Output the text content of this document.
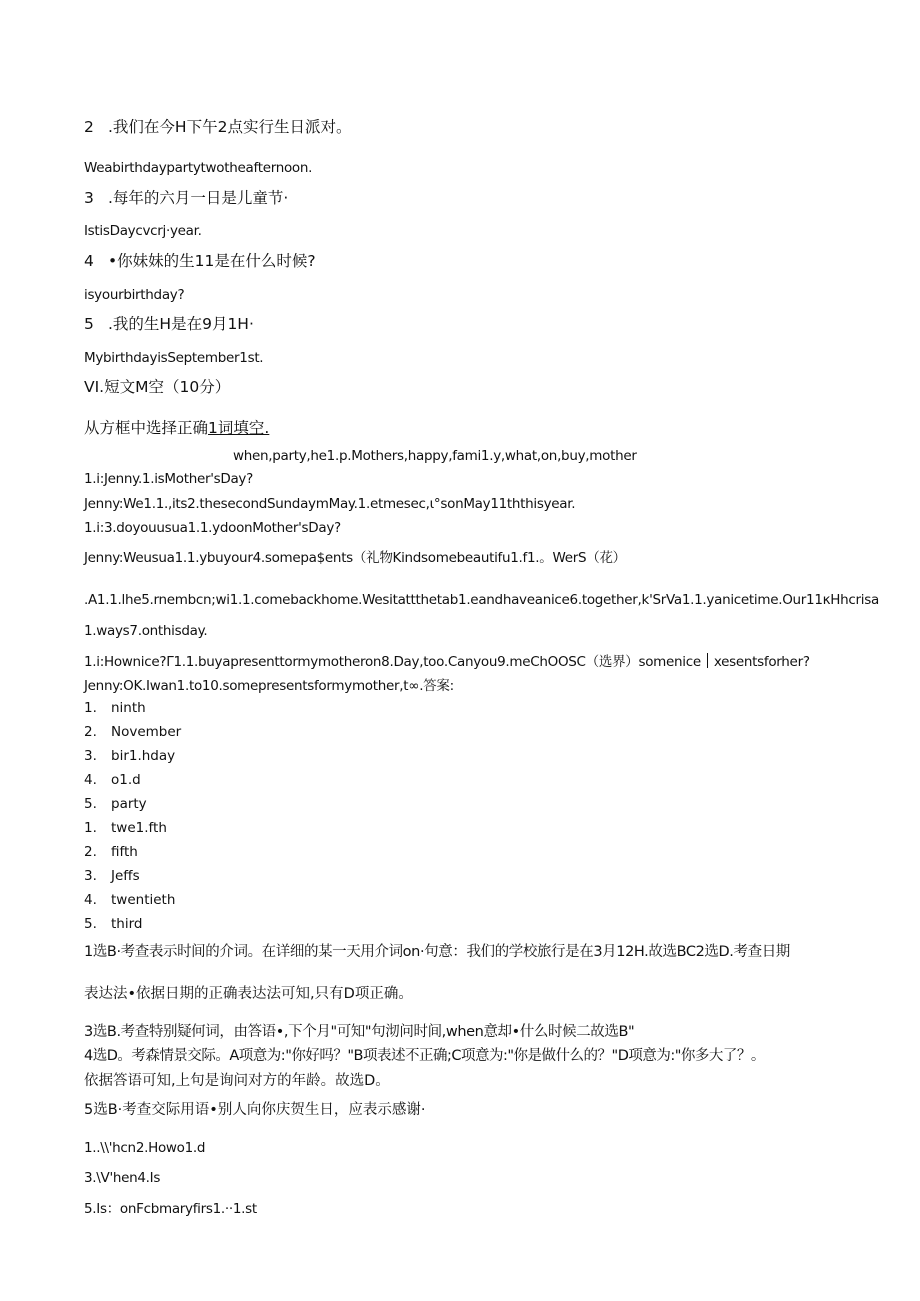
2 .我们在今H下午2点实行生日派对。
Weabirthdaypartytwotheafternoon.
3 .每年的六月一日是儿童节·
IstisDaycvcrj·year.
4 •你妹妹的生11是在什么时候?
isyourbirthday?
5 .我的生H是在9月1H·
MybirthdayisSeptember1st.
VI.短文M空（10分）
从方框中选择正确1词填空.
when,party,he1.p.Mothers,happy,fami1.y,what,on,buy,mother
1.i:Jenny.1.isMother'sDay?
Jenny:We1.1.,its2.thesecondSundaymMay.1.etmesec,ι°sonMay11ththisyear.
1.i:3.doyouusua1.1.ydoonMother'sDay?
Jenny:Weusua1.1.ybuyour4.somepa$ents（礼物Kindsomebeautifu1.f1.。WerS（花）
.A1.1.lhe5.rnembcn;wi1.1.comebackhome.Wesitattthetab1.eandhaveanice6.together,k'SrVa1.1.yanicetime.Our11κHhcrisa
1.ways7.onthisday.
1.i:Hownice?Γ1.1.buyapresenttormymotheron8.Day,too.Canyou9.meChOOSC（选界）somenice xesentsforher?
Jenny:OK.Iwan1.to10.somepresentsformymother,t∞.答案:
1. ninth
2. November
3. bir1.hday
4. o1.d
5. party
1. twe1.fth
2. fifth
3. Jeffs
4. twentieth
5. third
1选B·考查表示时间的介词。在详细的某一天用介词on·句意：我们的学校旅行是在3月12H.故选BC2选D.考查日期
表达法•依据日期的正确表达法可知,只有D项正确。
3选B.考查特别疑何词，由答语•,下个月"可知"句沏问时间,when意却•什么时候二故选B"
4选D。考森情景交际。A项意为:"你好吗？"B项表述不正确;C项意为:"你是做什么的？"D项意为:"你多大了？。
依据答语可知,上句是询问对方的年龄。故选D。
5选B·考查交际用语•别人向你庆贺生日，应表示感谢·
1..\\'hcn2.Howo1.d
3.\V'hen4.Is
5.Is：onFcbmaryfirs1.··1.st
